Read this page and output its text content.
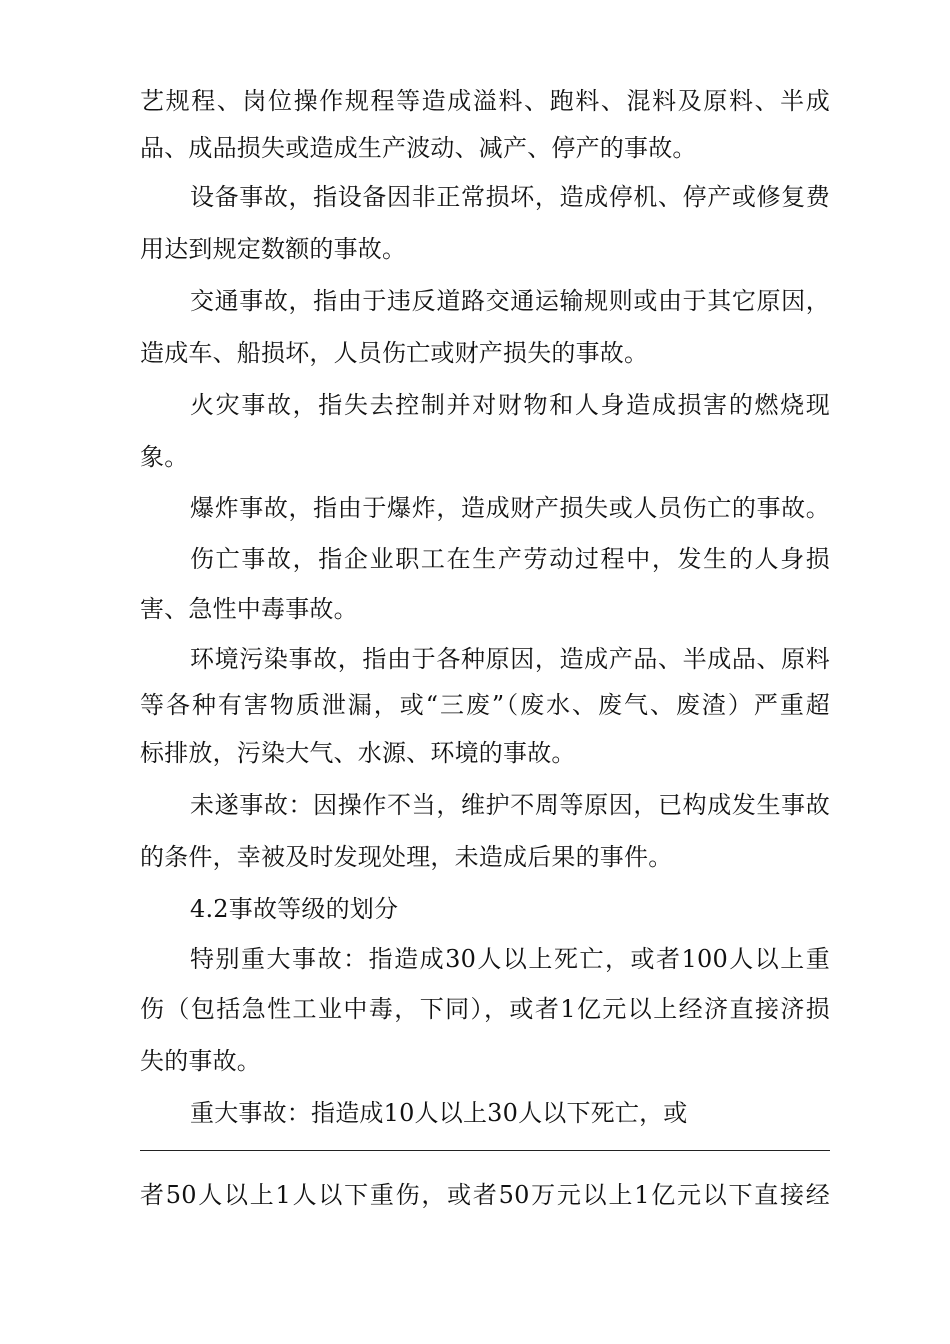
艺规程、岗位操作规程等造成溢料、跑料、混料及原料、半成
品、成品损失或造成生产波动、减产、停产的事故。
设备事故，指设备因非正常损坏，造成停机、停产或修复费
用达到规定数额的事故。
交通事故，指由于违反道路交通运输规则或由于其它原因，
造成车、船损坏，人员伤亡或财产损失的事故。
火灾事故，指失去控制并对财物和人身造成损害的燃烧现
象。
爆炸事故，指由于爆炸，造成财产损失或人员伤亡的事故。
伤亡事故，指企业职工在生产劳动过程中，发生的人身损
害、急性中毒事故。
环境污染事故，指由于各种原因，造成产品、半成品、原料
等各种有害物质泄漏，或“三废”（废水、废气、废渣）严重超
标排放，污染大气、水源、环境的事故。
未遂事故：因操作不当，维护不周等原因，已构成发生事故
的条件，幸被及时发现处理，未造成后果的事件。
4.2事故等级的划分
特别重大事故：指造成30人以上死亡，或者100人以上重
伤（包括急性工业中毒，下同），或者1亿元以上经济直接济损
失的事故。
重大事故：指造成10人以上30人以下死亡，或
者50人以上1人以下重伤，或者50万元以上1亿元以下直接经
